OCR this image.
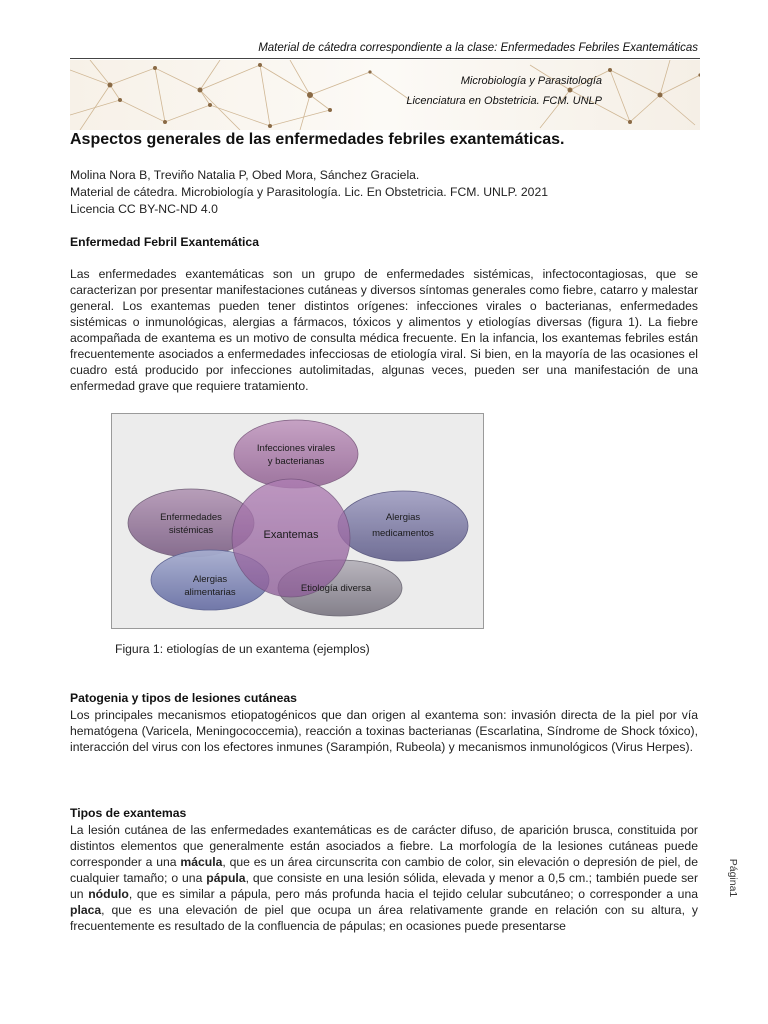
Material de cátedra correspondiente a la clase: Enfermedades Febriles Exantemáticas
Microbiología y Parasitología
Licenciatura en Obstetricia. FCM. UNLP
Aspectos generales de las enfermedades febriles exantemáticas.
Molina Nora B, Treviño Natalia P, Obed Mora, Sánchez Graciela.
Material de cátedra. Microbiología y Parasitología. Lic. En Obstetricia. FCM. UNLP. 2021
Licencia CC BY-NC-ND 4.0
Enfermedad Febril Exantemática

Las enfermedades exantemáticas son un grupo de enfermedades sistémicas, infectocontagiosas, que se caracterizan por presentar manifestaciones cutáneas y diversos síntomas generales como fiebre, catarro y malestar general. Los exantemas pueden tener distintos orígenes: infecciones virales o bacterianas, enfermedades sistémicas o inmunológicas, alergias a fármacos, tóxicos y alimentos y etiologías diversas (figura 1). La fiebre acompañada de exantema es un motivo de consulta médica frecuente. En la infancia, los exantemas febriles están frecuentemente asociados a enfermedades infecciosas de etiología viral. Si bien, en la mayoría de las ocasiones el cuadro está producido por infecciones autolimitadas, algunas veces, pueden ser una manifestación de una enfermedad grave que requiere tratamiento.

Infecciones virales
y bacterianas
Enfermedades
sistémicas	Exantemas
Alergias
medicamentos
Alergias
alimentarias	Etiología diversa
Figura 1: etiologías de un exantema (ejemplos)
Patogenia y tipos de lesiones cutáneas

Los principales mecanismos etiopatogénicos que dan origen al exantema son: invasión directa de la piel por vía hematógena (Varicela, Meningococcemia), reacción a toxinas bacterianas (Escarlatina, Síndrome de Shock tóxico), interacción del virus con los efectores inmunes (Sarampión, Rubeola) y mecanismos inmunológicos (Virus Herpes).

Tipos de exantemas

La lesión cutánea de las enfermedades exantemáticas es de carácter difuso, de aparición brusca, constituida por distintos elementos que generalmente están asociados a fiebre. La morfología de la lesiones cutáneas puede corresponder a una mácula, que es un área circunscrita con cambio de color, sin elevación o depresión de piel, de cualquier tamaño; o una pápula, que consiste en una lesión sólida, elevada y menor a 0,5 cm.; también puede ser un nódulo, que es similar a pápula, pero más profunda hacia el tejido celular subcutáneo; o corresponder a una placa, que es una elevación de piel que ocupa un área relativamente grande en relación con su altura, y frecuentemente es resultado de la confluencia de pápulas; en ocasiones puede presentarse

Página1
